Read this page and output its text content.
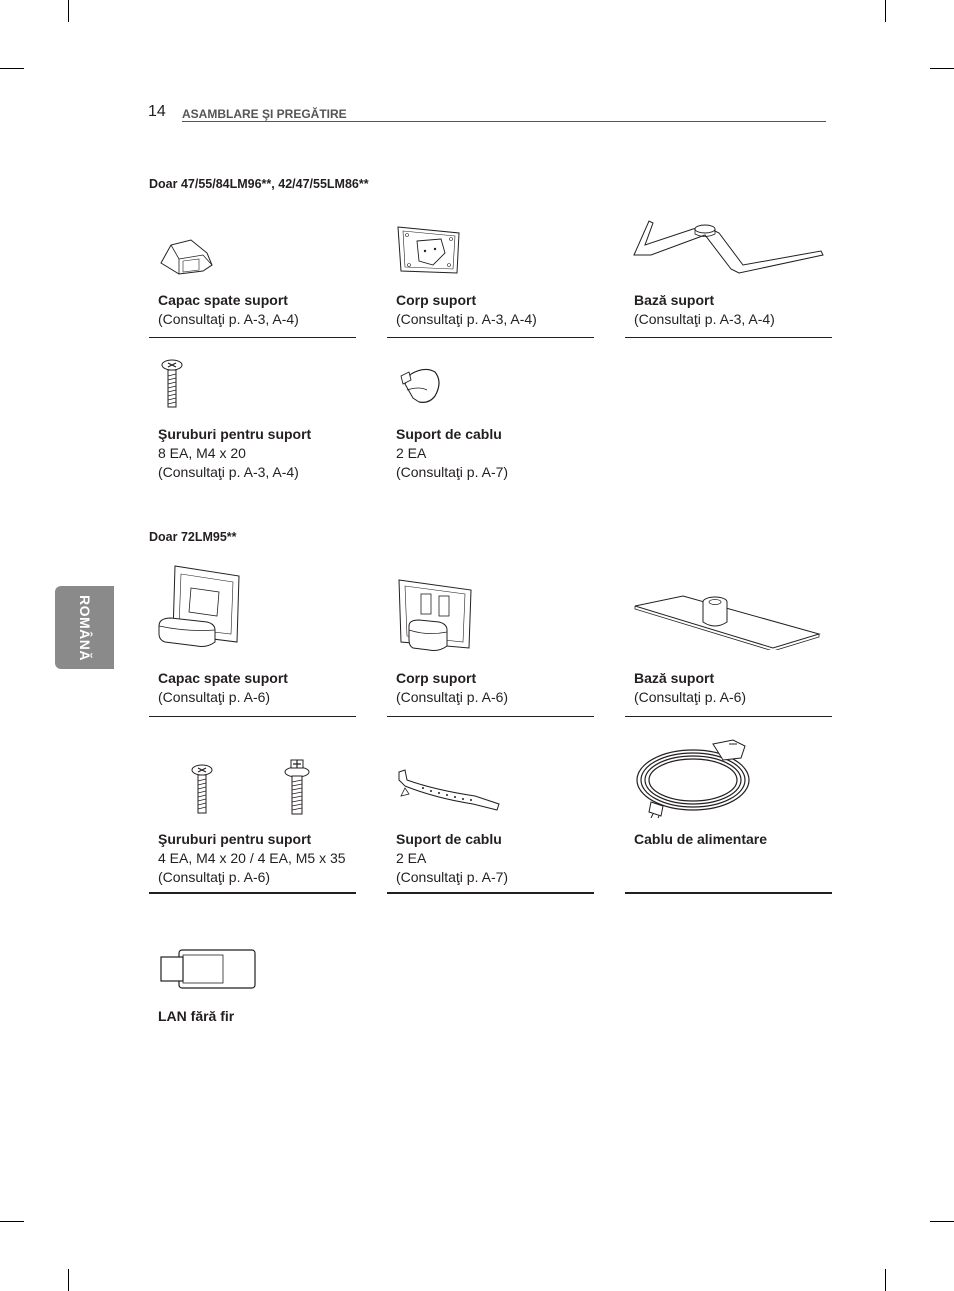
14 ASAMBLARE ŞI PREGĂTIRE
ROMÂNĂ
Doar 47/55/84LM96**, 42/47/55LM86**
Capac spate suport
(Consultaţi p. A-3, A-4)
Corp suport
(Consultaţi p. A-3, A-4)
Bază suport
(Consultaţi p. A-3, A-4)
Şuruburi pentru suport
8 EA, M4 x 20
(Consultaţi p. A-3, A-4)
Suport de cablu
2 EA
(Consultaţi p. A-7)
Doar 72LM95**
Capac spate suport
(Consultaţi p. A-6)
Corp suport
(Consultaţi p. A-6)
Bază suport
(Consultaţi p. A-6)
Şuruburi pentru suport
4 EA, M4 x 20 / 4 EA, M5 x 35
(Consultaţi p. A-6)
Suport de cablu
2 EA
(Consultaţi p. A-7)
Cablu de alimentare
LAN fără fir
